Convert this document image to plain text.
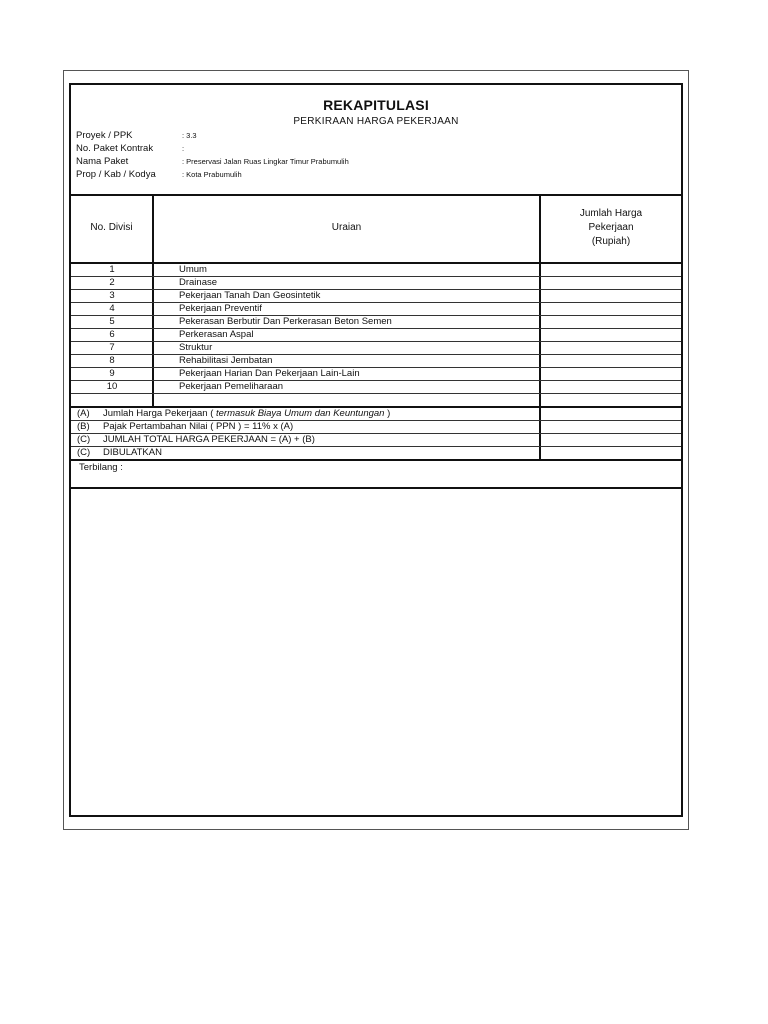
REKAPITULASI
PERKIRAAN HARGA PEKERJAAN
Proyek / PPK	: 3.3
No. Paket Kontrak	:
Nama Paket	: Preservasi Jalan Ruas Lingkar Timur Prabumulih
Prop / Kab / Kodya	: Kota Prabumulih
No. Divisi	Uraian
Jumlah Harga
Pekerjaan
(Rupiah)
1	Umum
2	Drainase
3	Pekerjaan Tanah Dan Geosintetik
4	Pekerjaan Preventif
5	Pekerasan Berbutir Dan Perkerasan Beton Semen
6	Perkerasan Aspal
7	Struktur
8	Rehabilitasi Jembatan
9	Pekerjaan Harian Dan Pekerjaan Lain-Lain
10	Pekerjaan Pemeliharaan
(A) Jumlah Harga Pekerjaan ( termasuk Biaya Umum dan Keuntungan )
(B) Pajak Pertambahan Nilai ( PPN ) = 11% x (A)
(C) JUMLAH TOTAL HARGA PEKERJAAN = (A) + (B)
(C) DIBULATKAN
Terbilang :
